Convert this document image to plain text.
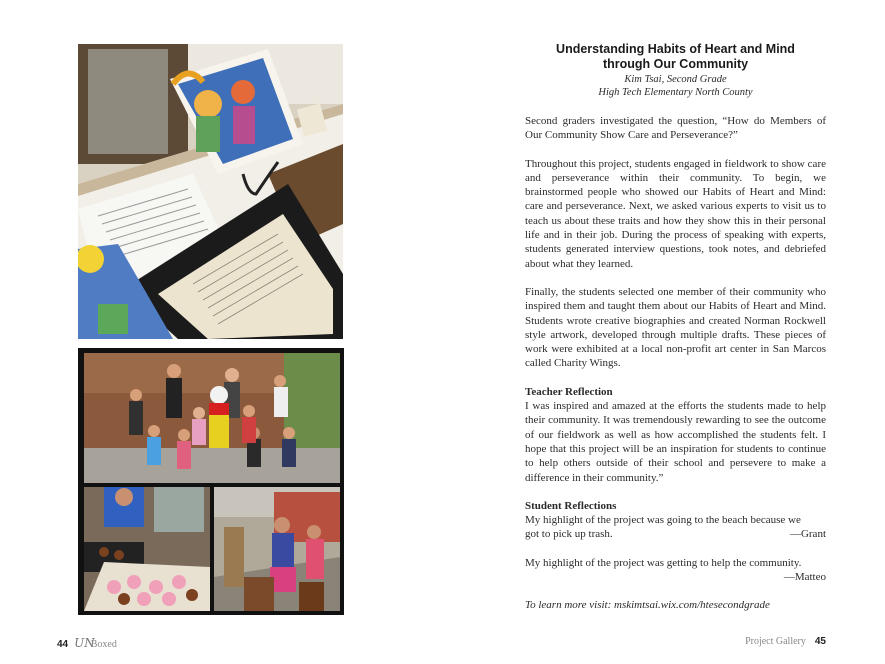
Understanding Habits of Heart and Mind
through Our Community
Kim Tsai, Second Grade
High Tech Elementary North County

Second graders investigated the question, “How do Members of Our Community Show Care and Perseverance?”

Throughout this project, students engaged in fieldwork to show care and perseverance within their community. To begin, we brainstormed people who showed our Habits of Heart and Mind: care and perseverance. Next, we asked various experts to visit us to teach us about these traits and how they show this in their personal life and in their job. During the process of speaking with experts, students generated interview questions, took notes, and debriefed about what they learned.

Finally, the students selected one member of their community who inspired them and taught them about our Habits of Heart and Mind. Students wrote creative biographies and created Norman Rockwell style artwork, developed through multiple drafts. These pieces of work were exhibited at a local non-profit art center in San Marcos called Charity Wings.

Teacher Reflection

I was inspired and amazed at the efforts the students made to help their community. It was tremendously rewarding to see the outcome of our fieldwork as well as how accomplished the students felt. I hope that this project will be an inspiration for students to continue to help others outside of their school and persevere to make a difference in their community.”

Student Reflections
My highlight of the project was going to the beach because we
got to pick up trash.	—Grant
My highlight of the project was getting to help the community.
—Matteo
To learn more visit: mskimtsai.wix.com/htesecondgrade
44 UNBoxed	Project Gallery 45
